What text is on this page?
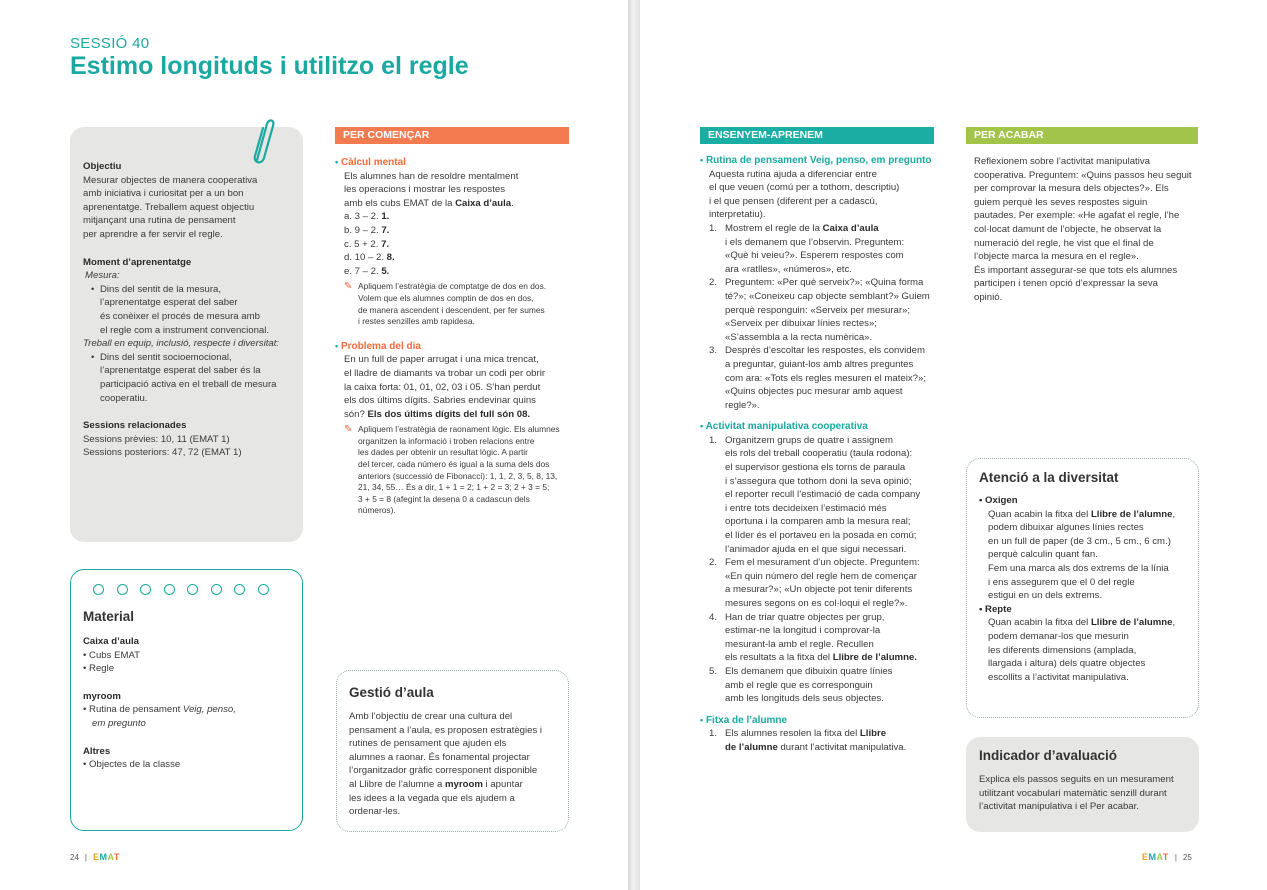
SESSIÓ 40
Estimo longituds i utilitzo el regle
Objectiu
Mesurar objectes de manera cooperativa
amb iniciativa i curiositat per a un bon
aprenentatge. Treballem aquest objectiu
mitjançant una rutina de pensament
per aprendre a fer servir el regle.
Moment d’aprenentatge
Mesura:
• Dins del sentit de la mesura,
l’aprenentatge esperat del saber
és conèixer el procés de mesura amb
el regle com a instrument convencional.
Treball en equip, inclusió, respecte i diversitat:
• Dins del sentit socioemocional,
l’aprenentatge esperat del saber és la
participació activa en el treball de mesura
cooperatiu.
Sessions relacionades
Sessions prèvies: 10, 11 (EMAT 1)
Sessions posteriors: 47, 72 (EMAT 1)
Material
Caixa d’aula
• Cubs EMAT
• Regle
myroom
• Rutina de pensament Veig, penso,
em pregunto
Altres
• Objectes de la classe
PER COMENÇAR
• Càlcul mental
Els alumnes han de resoldre mentalment
les operacions i mostrar les respostes
amb els cubs EMAT de la Caixa d’aula.
a. 3 – 2. 1.
b. 9 – 2. 7.
c. 5 + 2. 7.
d. 10 – 2. 8.
e. 7 – 2. 5.
✎ Apliquem l’estratègia de comptatge de dos en dos.
Volem que els alumnes comptin de dos en dos,
de manera ascendent i descendent, per fer sumes
i restes senzilles amb rapidesa.
• Problema del dia
En un full de paper arrugat i una mica trencat,
el lladre de diamants va trobar un codi per obrir
la caixa forta: 01, 01, 02, 03 i 05. S’han perdut
els dos últims dígits. Sabries endevinar quins
són? Els dos últims dígits del full són 08.
✎ Apliquem l’estratègia de raonament lògic. Els alumnes
organitzen la informació i troben relacions entre
les dades per obtenir un resultat lògic. A partir
del tercer, cada número és igual a la suma dels dos
anteriors (successió de Fibonacci): 1, 1, 2, 3, 5, 8, 13,
21, 34, 55… És a dir, 1 + 1 = 2; 1 + 2 = 3; 2 + 3 = 5;
3 + 5 = 8 (afegint la desena 0 a cadascun dels
números).
Gestió d’aula
Amb l’objectiu de crear una cultura del
pensament a l’aula, es proposen estratègies i
rutines de pensament que ajuden els
alumnes a raonar. És fonamental projectar
l’organitzador gràfic corresponent disponible
al Llibre de l’alumne a myroom i apuntar
les idees a la vegada que els ajudem a
ordenar-les.
24 | EMAT
ENSENYEM-APRENEM
• Rutina de pensament Veig, penso, em pregunto
Aquesta rutina ajuda a diferenciar entre
el que veuen (comú per a tothom, descriptiu)
i el que pensen (diferent per a cadascú,
interpretatiu).
1. Mostrem el regle de la Caixa d’aula
i els demanem que l’observin. Preguntem:
«Què hi veieu?». Esperem respostes com
ara «ratlles», «números», etc.
2. Preguntem: «Per què serveix?»; «Quina forma
té?»; «Coneixeu cap objecte semblant?» Guiem
perquè responguin: «Serveix per mesurar»;
«Serveix per dibuixar línies rectes»;
«S’assembla a la recta numèrica».
3. Després d’escoltar les respostes, els convidem
a preguntar, guiant-los amb altres preguntes
com ara: «Tots els regles mesuren el mateix?»;
«Quins objectes puc mesurar amb aquest
regle?».
• Activitat manipulativa cooperativa
1. Organitzem grups de quatre i assignem
els rols del treball cooperatiu (taula rodona):
el supervisor gestiona els torns de paraula
i s’assegura que tothom doni la seva opinió;
el reporter recull l’estimació de cada company
i entre tots decideixen l’estimació més
oportuna i la comparen amb la mesura real;
el líder és el portaveu en la posada en comú;
l’animador ajuda en el que sigui necessari.
2. Fem el mesurament d’un objecte. Preguntem:
«En quin número del regle hem de començar
a mesurar?»; «Un objecte pot tenir diferents
mesures segons on es col·loqui el regle?».
4. Han de triar quatre objectes per grup,
estimar-ne la longitud i comprovar-la
mesurant-la amb el regle. Recullen
els resultats a la fitxa del Llibre de l’alumne.
5. Els demanem que dibuixin quatre línies
amb el regle que es corresponguin
amb les longituds dels seus objectes.
• Fitxa de l’alumne
1. Els alumnes resolen la fitxa del Llibre
de l’alumne durant l’activitat manipulativa.
PER ACABAR
Reflexionem sobre l’activitat manipulativa
cooperativa. Preguntem: «Quins passos heu seguit
per comprovar la mesura dels objectes?». Els
guiem perquè les seves respostes siguin
pautades. Per exemple: «He agafat el regle, l’he
col·locat damunt de l’objecte, he observat la
numeració del regle, he vist que el final de
l’objecte marca la mesura en el regle».
És important assegurar-se que tots els alumnes
participen i tenen opció d’expressar la seva
opinió.
Atenció a la diversitat
• Oxigen
Quan acabin la fitxa del Llibre de l’alumne,
podem dibuixar algunes línies rectes
en un full de paper (de 3 cm., 5 cm., 6 cm.)
perquè calculin quant fan.
Fem una marca als dos extrems de la línia
i ens assegurem que el 0 del regle
estigui en un dels extrems.
• Repte
Quan acabin la fitxa del Llibre de l’alumne,
podem demanar-los que mesurin
les diferents dimensions (amplada,
llargada i altura) dels quatre objectes
escollits a l’activitat manipulativa.
Indicador d’avaluació
Explica els passos seguits en un mesurament
utilitzant vocabulari matemàtic senzill durant
l’activitat manipulativa i el Per acabar.
EMAT | 25
